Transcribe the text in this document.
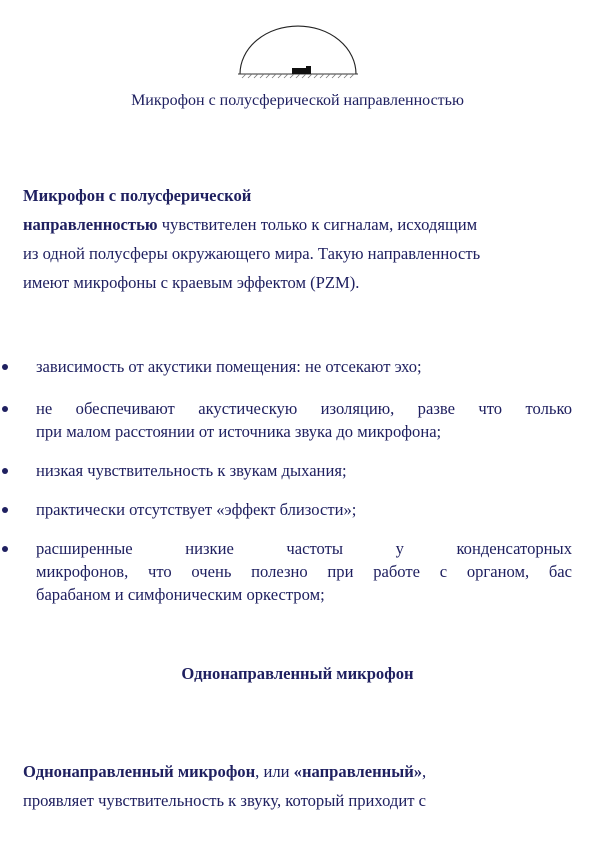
Микрофон с полусферической направленностью
Микрофон с полусферической
направленностью чувствителен только к сигналам, исходящим
из одной полусферы окружающего мира. Такую направленность
имеют микрофоны с краевым эффектом (PZM).
зависимость от акустики помещения: не отсекают эхо;
не обеспечивают акустическую изоляцию, разве что только
при малом расстоянии от источника звука до микрофона;
низкая чувствительность к звукам дыхания;
практически отсутствует «эффект близости»;
расширенные низкие частоты у конденсаторных
микрофонов, что очень полезно при работе с органом, бас
барабаном и симфоническим оркестром;
Однонаправленный микрофон
Однонаправленный микрофон, или «направленный»,
проявляет чувствительность к звуку, который приходит с
